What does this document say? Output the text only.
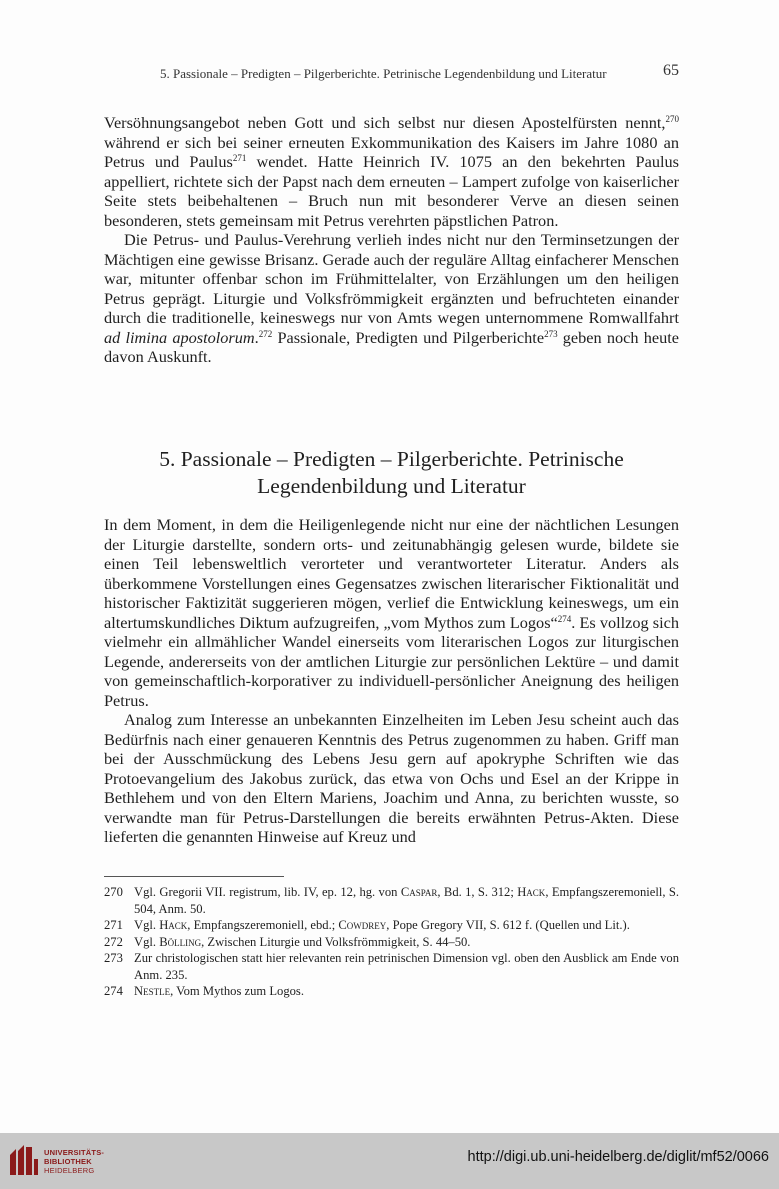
5. Passionale – Predigten – Pilgerberichte. Petrinische Legendenbildung und Literatur	65

Versöhnungsangebot neben Gott und sich selbst nur diesen Apostelfürsten nennt,$^{270}$ während er sich bei seiner erneuten Exkommunikation des Kaisers im Jahre 1080 an Petrus und Paulus$^{271}$ wendet. Hatte Heinrich IV. 1075 an den bekehrten Paulus appelliert, richtete sich der Papst nach dem erneuten – Lampert zufolge von kaiserlicher Seite stets beibehaltenen – Bruch nun mit besonderer Verve an diesen seinen besonderen, stets gemeinsam mit Petrus verehrten päpstlichen Patron.

Die Petrus- und Paulus-Verehrung verlieh indes nicht nur den Terminsetzungen der Mächtigen eine gewisse Brisanz. Gerade auch der reguläre Alltag einfacherer Menschen war, mitunter offenbar schon im Frühmittelalter, von Erzählungen um den heiligen Petrus geprägt. Liturgie und Volksfrömmigkeit ergänzten und befruchteten einander durch die traditionelle, keineswegs nur von Amts wegen unternommene Romwallfahrt ad limina apostolorum.$^{272}$ Passionale, Predigten und Pilgerberichte$^{273}$ geben noch heute davon Auskunft.

5. Passionale – Predigten – Pilgerberichte. Petrinische
Legendenbildung und Literatur

In dem Moment, in dem die Heiligenlegende nicht nur eine der nächtlichen Lesungen der Liturgie darstellte, sondern orts- und zeitunabhängig gelesen wurde, bildete sie einen Teil lebensweltlich verorteter und verantworteter Literatur. Anders als überkommene Vorstellungen eines Gegensatzes zwischen literarischer Fiktionalität und historischer Faktizität suggerieren mögen, verlief die Entwicklung keineswegs, um ein altertumskundliches Diktum aufzugreifen, „vom Mythos zum Logos“$^{274}$. Es vollzog sich vielmehr ein allmählicher Wandel einerseits vom literarischen Logos zur liturgischen Legende, andererseits von der amtlichen Liturgie zur persönlichen Lektüre – und damit von gemeinschaftlich-korporativer zu individuell-persönlicher Aneignung des heiligen Petrus.

Analog zum Interesse an unbekannten Einzelheiten im Leben Jesu scheint auch das Bedürfnis nach einer genaueren Kenntnis des Petrus zugenommen zu haben. Griff man bei der Ausschmückung des Lebens Jesu gern auf apokryphe Schriften wie das Protoevangelium des Jakobus zurück, das etwa von Ochs und Esel an der Krippe in Bethlehem und von den Eltern Mariens, Joachim und Anna, zu berichten wusste, so verwandte man für Petrus-Darstellungen die bereits erwähnten Petrus-Akten. Diese lieferten die genannten Hinweise auf Kreuz und

270 Vgl. Gregorii VII. registrum, lib. IV, ep. 12, hg. von Caspar, Bd. 1, S. 312; Hack, Empfangszeremoniell, S. 504, Anm. 50.

271 Vgl. Hack, Empfangszeremoniell, ebd.; Cowdrey, Pope Gregory VII, S. 612 f. (Quellen und Lit.).

272 Vgl. Bölling, Zwischen Liturgie und Volksfrömmigkeit, S. 44–50.

273 Zur christologischen statt hier relevanten rein petrinischen Dimension vgl. oben den Ausblick am Ende von Anm. 235.

274 Nestle, Vom Mythos zum Logos.

UNIVERSITÄTS-
BIBLIOTHEK
HEIDELBERG
http://digi.ub.uni-heidelberg.de/diglit/mf52/0066
